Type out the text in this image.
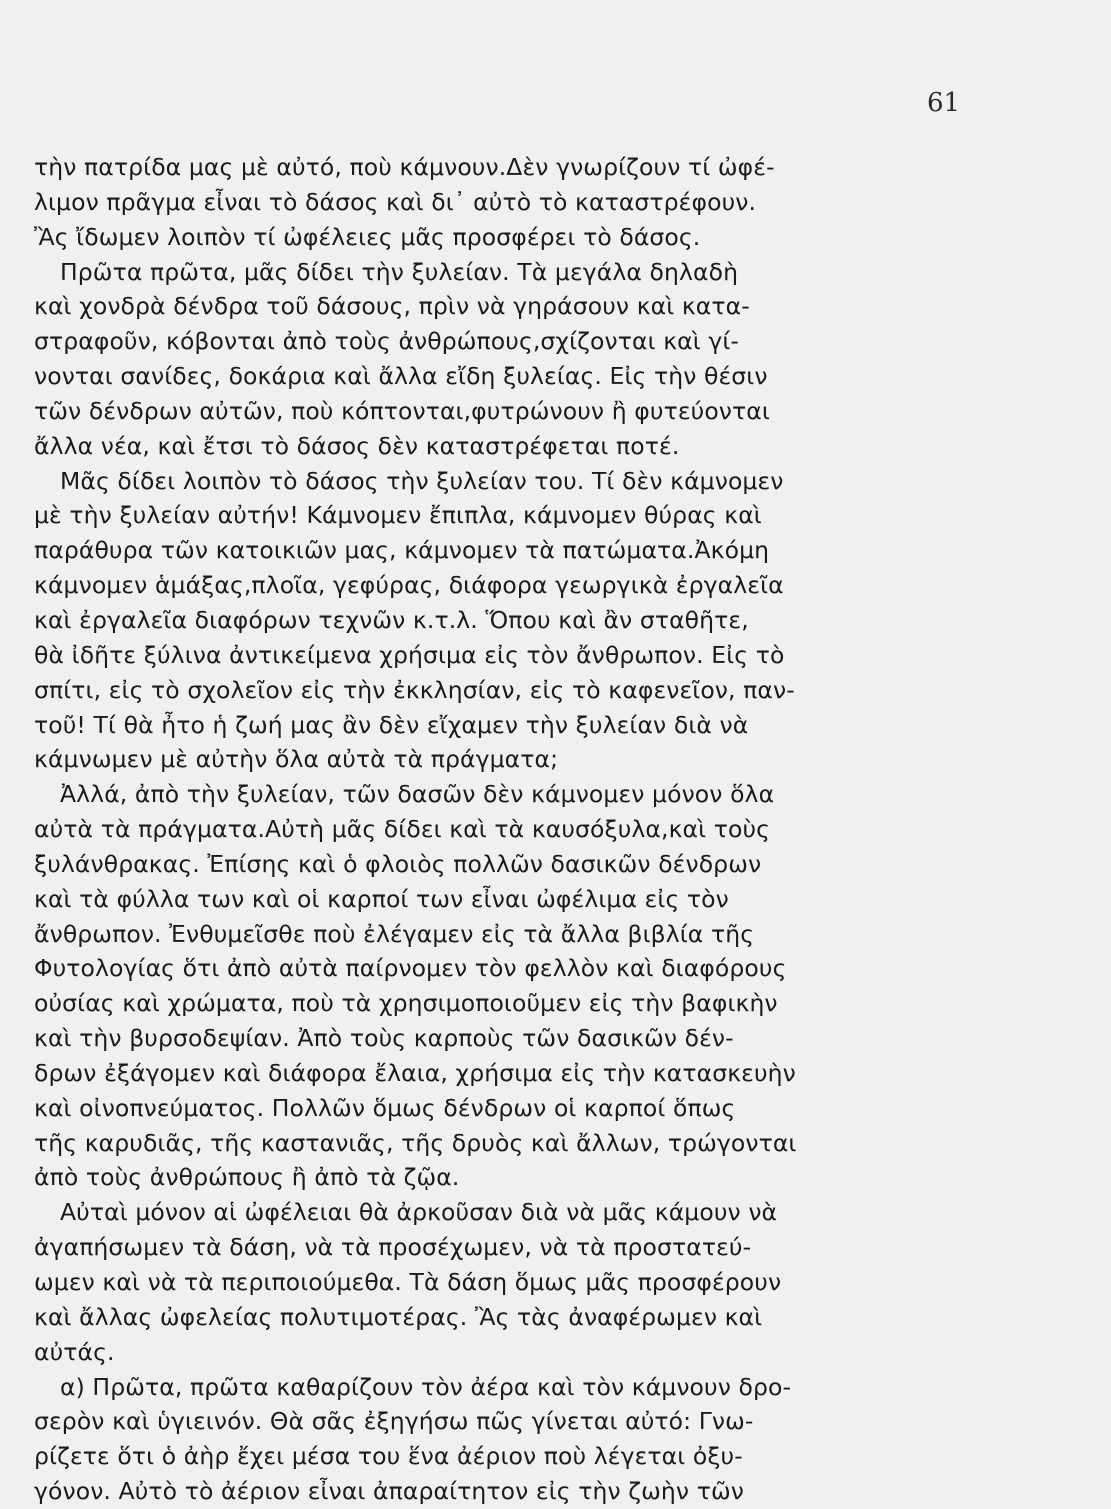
61
τὴν πατρίδα μας μὲ αὐτό, ποὺ κάμνουν.Δὲν γνωρίζουν τί ὠφέ-
λιμον πρᾶγμα εἶναι τὸ δάσος καὶ δι᾽ αὐτὸ τὸ καταστρέφουν.
Ἂς ἴδωμεν λοιπὸν τί ὠφέλειες μᾶς προσφέρει τὸ δάσος.
Πρῶτα πρῶτα, μᾶς δίδει τὴν ξυλείαν. Τὰ μεγάλα δηλαδὴ
καὶ χονδρὰ δένδρα τοῦ δάσους, πρὶν νὰ γηράσουν καὶ κατα-
στραφοῦν, κόβονται ἀπὸ τοὺς ἀνθρώπους,σχίζονται καὶ γί-
νονται σανίδες, δοκάρια καὶ ἄλλα εἴδη ξυλείας. Εἰς τὴν θέσιν
τῶν δένδρων αὐτῶν, ποὺ κόπτονται,φυτρώνουν ἢ φυτεύονται
ἄλλα νέα, καὶ ἔτσι τὸ δάσος δὲν καταστρέφεται ποτέ.
Μᾶς δίδει λοιπὸν τὸ δάσος τὴν ξυλείαν του. Τί δὲν κάμνομεν
μὲ τὴν ξυλείαν αὐτήν! Κάμνομεν ἔπιπλα, κάμνομεν θύρας καὶ
παράθυρα τῶν κατοικιῶν μας, κάμνομεν τὰ πατώματα.Ἀκόμη
κάμνομεν ἁμάξας,πλοῖα, γεφύρας, διάφορα γεωργικὰ ἐργαλεῖα
καὶ ἐργαλεῖα διαφόρων τεχνῶν κ.τ.λ. Ὅπου καὶ ἂν σταθῆτε,
θὰ ἰδῆτε ξύλινα ἀντικείμενα χρήσιμα εἰς τὸν ἄνθρωπον. Εἰς τὸ
σπίτι, εἰς τὸ σχολεῖον εἰς τὴν ἐκκλησίαν, εἰς τὸ καφενεῖον, παν-
τοῦ! Τί θὰ ἦτο ἡ ζωή μας ἂν δὲν εἴχαμεν τὴν ξυλείαν διὰ νὰ
κάμνωμεν μὲ αὐτὴν ὅλα αὐτὰ τὰ πράγματα;
Ἀλλά, ἀπὸ τὴν ξυλείαν, τῶν δασῶν δὲν κάμνομεν μόνον ὅλα
αὐτὰ τὰ πράγματα.Αὐτὴ μᾶς δίδει καὶ τὰ καυσόξυλα,καὶ τοὺς
ξυλάνθρακας. Ἐπίσης καὶ ὁ φλοιὸς πολλῶν δασικῶν δένδρων
καὶ τὰ φύλλα των καὶ οἱ καρποί των εἶναι ὠφέλιμα εἰς τὸν
ἄνθρωπον. Ἐνθυμεῖσθε ποὺ ἐλέγαμεν εἰς τὰ ἄλλα βιβλία τῆς
Φυτολογίας ὅτι ἀπὸ αὐτὰ παίρνομεν τὸν φελλὸν καὶ διαφόρους
οὐσίας καὶ χρώματα, ποὺ τὰ χρησιμοποιοῦμεν εἰς τὴν βαφικὴν
καὶ τὴν βυρσοδεψίαν. Ἀπὸ τοὺς καρποὺς τῶν δασικῶν δέν-
δρων ἐξάγομεν καὶ διάφορα ἔλαια, χρήσιμα εἰς τὴν κατασκευὴν
καὶ οἰνοπνεύματος. Πολλῶν ὅμως δένδρων οἱ καρποί ὅπως
τῆς καρυδιᾶς, τῆς καστανιᾶς, τῆς δρυὸς καὶ ἄλλων, τρώγονται
ἀπὸ τοὺς ἀνθρώπους ἢ ἀπὸ τὰ ζῷα.
Αὐταὶ μόνον αἱ ὠφέλειαι θὰ ἀρκοῦσαν διὰ νὰ μᾶς κάμουν νὰ
ἀγαπήσωμεν τὰ δάση, νὰ τὰ προσέχωμεν, νὰ τὰ προστατεύ-
ωμεν καὶ νὰ τὰ περιποιούμεθα. Τὰ δάση ὅμως μᾶς προσφέρουν
καὶ ἄλλας ὠφελείας πολυτιμοτέρας. Ἂς τὰς ἀναφέρωμεν καὶ
αὐτάς.
α) Πρῶτα, πρῶτα καθαρίζουν τὸν ἀέρα καὶ τὸν κάμνουν δρο-
σερὸν καὶ ὑγιεινόν. Θὰ σᾶς ἐξηγήσω πῶς γίνεται αὐτό: Γνω-
ρίζετε ὅτι ὁ ἀὴρ ἔχει μέσα του ἕνα ἀέριον ποὺ λέγεται ὀξυ-
γόνον. Αὐτὸ τὸ ἀέριον εἶναι ἀπαραίτητον εἰς τὴν ζωὴν τῶν
